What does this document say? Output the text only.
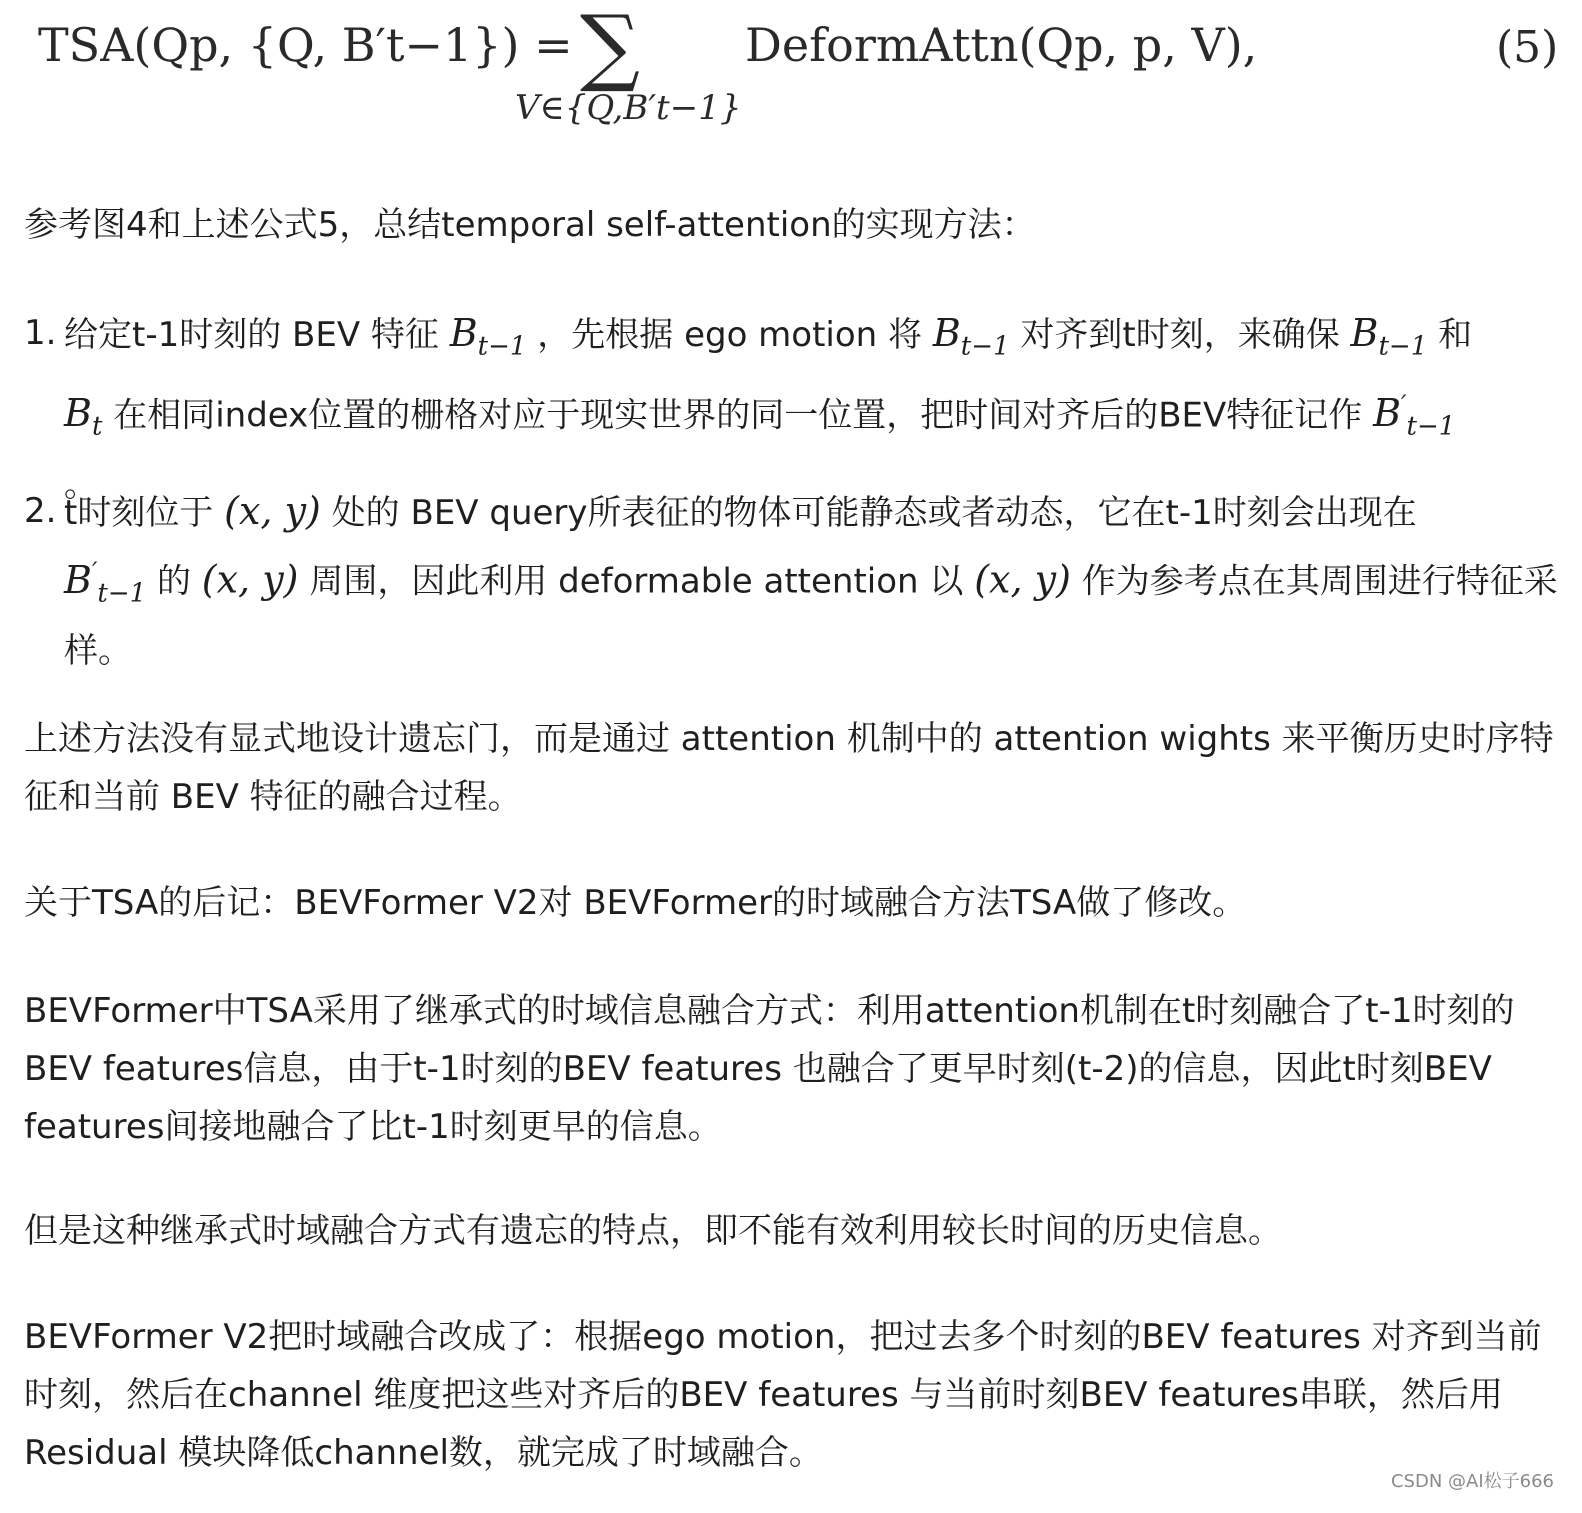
TSA(Qp, {Q, B′t−1}) = ∑
V∈{Q,B′t−1}
DeformAttn(Qp, p, V),	(5)
参考图4和上述公式5，总结temporal self-attention的实现方法：
1. 给定t-1时刻的 BEV 特征 $B_{t-1}$ ，先根据 ego motion 将 $B_{t-1}$ 对齐到t时刻，来确保 $B_{t-1}$ 和
$B_t$ 在相同index位置的栅格对应于现实世界的同一位置，把时间对齐后的BEV特征记作 $B'_{t-1}$
。
2. t时刻位于 (x, y) 处的 BEV query所表征的物体可能静态或者动态，它在t-1时刻会出现在
$B'_{t-1}$ 的 (x, y) 周围，因此利用 deformable attention 以 (x, y) 作为参考点在其周围进行特征采样。
上述方法没有显式地设计遗忘门，而是通过 attention 机制中的 attention wights 来平衡历史时序特征和当前 BEV 特征的融合过程。
关于TSA的后记：BEVFormer V2对 BEVFormer的时域融合方法TSA做了修改。
BEVFormer中TSA采用了继承式的时域信息融合方式：利用attention机制在t时刻融合了t-1时刻的BEV features信息，由于t-1时刻的BEV features 也融合了更早时刻(t-2)的信息，因此t时刻BEV features间接地融合了比t-1时刻更早的信息。
但是这种继承式时域融合方式有遗忘的特点，即不能有效利用较长时间的历史信息。
BEVFormer V2把时域融合改成了：根据ego motion，把过去多个时刻的BEV features 对齐到当前时刻，然后在channel 维度把这些对齐后的BEV features 与当前时刻BEV features串联，然后用Residual 模块降低channel数，就完成了时域融合。
CSDN @AI松子666
